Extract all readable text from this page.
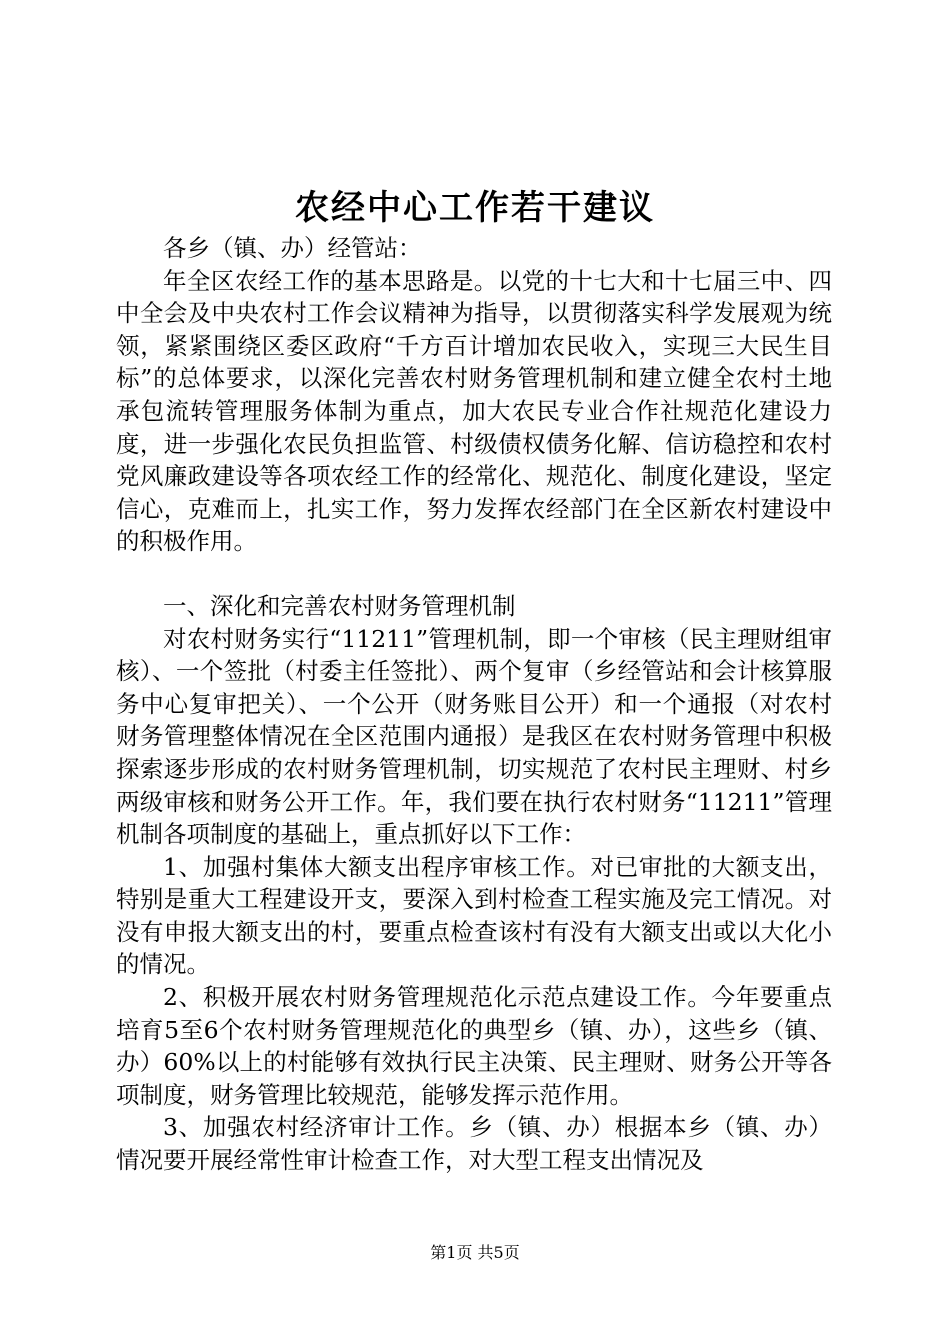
农经中心工作若干建议

各乡（镇、办）经管站：

年全区农经工作的基本思路是。以党的十七大和十七届三中、四中全会及中央农村工作会议精神为指导，以贯彻落实科学发展观为统领，紧紧围绕区委区政府“千方百计增加农民收入，实现三大民生目标”的总体要求，以深化完善农村财务管理机制和建立健全农村土地承包流转管理服务体制为重点，加大农民专业合作社规范化建设力度，进一步强化农民负担监管、村级债权债务化解、信访稳控和农村党风廉政建设等各项农经工作的经常化、规范化、制度化建设，坚定信心，克难而上，扎实工作，努力发挥农经部门在全区新农村建设中的积极作用。

一、深化和完善农村财务管理机制

对农村财务实行“11211”管理机制，即一个审核（民主理财组审核）、一个签批（村委主任签批）、两个复审（乡经管站和会计核算服务中心复审把关）、一个公开（财务账目公开）和一个通报（对农村财务管理整体情况在全区范围内通报）是我区在农村财务管理中积极探索逐步形成的农村财务管理机制，切实规范了农村民主理财、村乡两级审核和财务公开工作。年，我们要在执行农村财务“11211”管理机制各项制度的基础上，重点抓好以下工作：

1、加强村集体大额支出程序审核工作。对已审批的大额支出，特别是重大工程建设开支，要深入到村检查工程实施及完工情况。对没有申报大额支出的村，要重点检查该村有没有大额支出或以大化小的情况。

2、积极开展农村财务管理规范化示范点建设工作。今年要重点培育5至6个农村财务管理规范化的典型乡（镇、办），这些乡（镇、办）60%以上的村能够有效执行民主决策、民主理财、财务公开等各项制度，财务管理比较规范，能够发挥示范作用。

3、加强农村经济审计工作。乡（镇、办）根据本乡（镇、办）情况要开展经常性审计检查工作，对大型工程支出情况及

第1页 共5页
